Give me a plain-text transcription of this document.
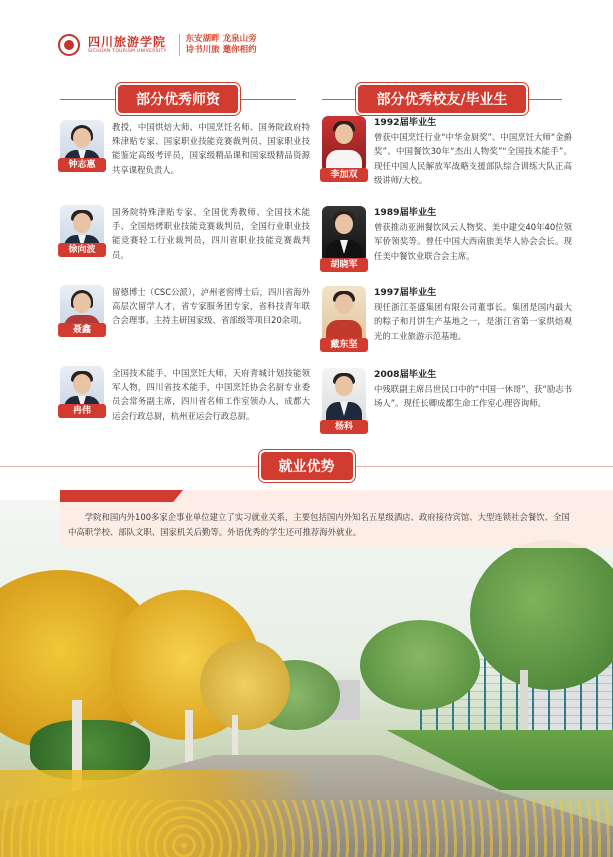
四川旅游学院
SICHUAN TOURISM UNIVERSITY
东安湖畔 龙泉山旁
诗书川旅 邀你相约
部分优秀师资	部分优秀校友/毕业生
钟志惠
教授，中国烘焙大师、中国烹饪名师、国务院政府特殊津贴专家、国家职业技能竞赛裁判员、国家职业技能鉴定高级考评员，国家级精品课和国家级精品资源共享课程负责人。
徐向波
国务院特殊津贴专家、全国优秀教师、全国技术能手、全国焙烤职业技能竞赛裁判员，全国行业职业技能竞赛轻工行业裁判员，四川省职业技能竞赛裁判员。
聂鑫
留德博士（CSC公派），泸州老窖博士后，四川省海外高层次留学人才，省专家服务团专家，省科技青年联合会理事。主持主研国家级、省部级等项目20余项。
冉伟
全国技术能手，中国烹饪大师，天府青城计划技能领军人物，四川省技术能手，中国烹饪协会名厨专业委员会常务副主席，四川省名师工作室领办人，成都大运会行政总厨，杭州亚运会行政总厨。
李加双
1992届毕业生
曾获中国烹饪行业“中华金厨奖”、中国烹饪大师“金爵奖”、中国餐饮30年“杰出人物奖”“全国技术能手”。现任中国人民解放军战略支援部队综合训练大队正高级讲师/大校。
胡晓军
1989届毕业生
曾获推动亚洲餐饮风云人物奖、美中建交40年40位领军侨领奖等。曾任中国大西南旅美华人协会会长。现任美中餐饮业联合会主席。
戴东坚
1997届毕业生
现任浙江荃盛集团有限公司董事长。集团是国内最大的粽子和月饼生产基地之一，是浙江省第一家烘焙观光的工业旅游示范基地。
杨科
2008届毕业生
中残联副主席吕世民口中的“中国一休哥”，获“励志书场人”。现任长卿成都生命工作室心理咨询师。
就业优势

学院和国内外100多家企事业单位建立了实习就业关系，主要包括国内外知名五星级酒店、政府接待宾馆、大型连锁社会餐饮、全国中高职学校、部队文职、国家机关后勤等。外语优秀的学生还可推荐海外就业。
